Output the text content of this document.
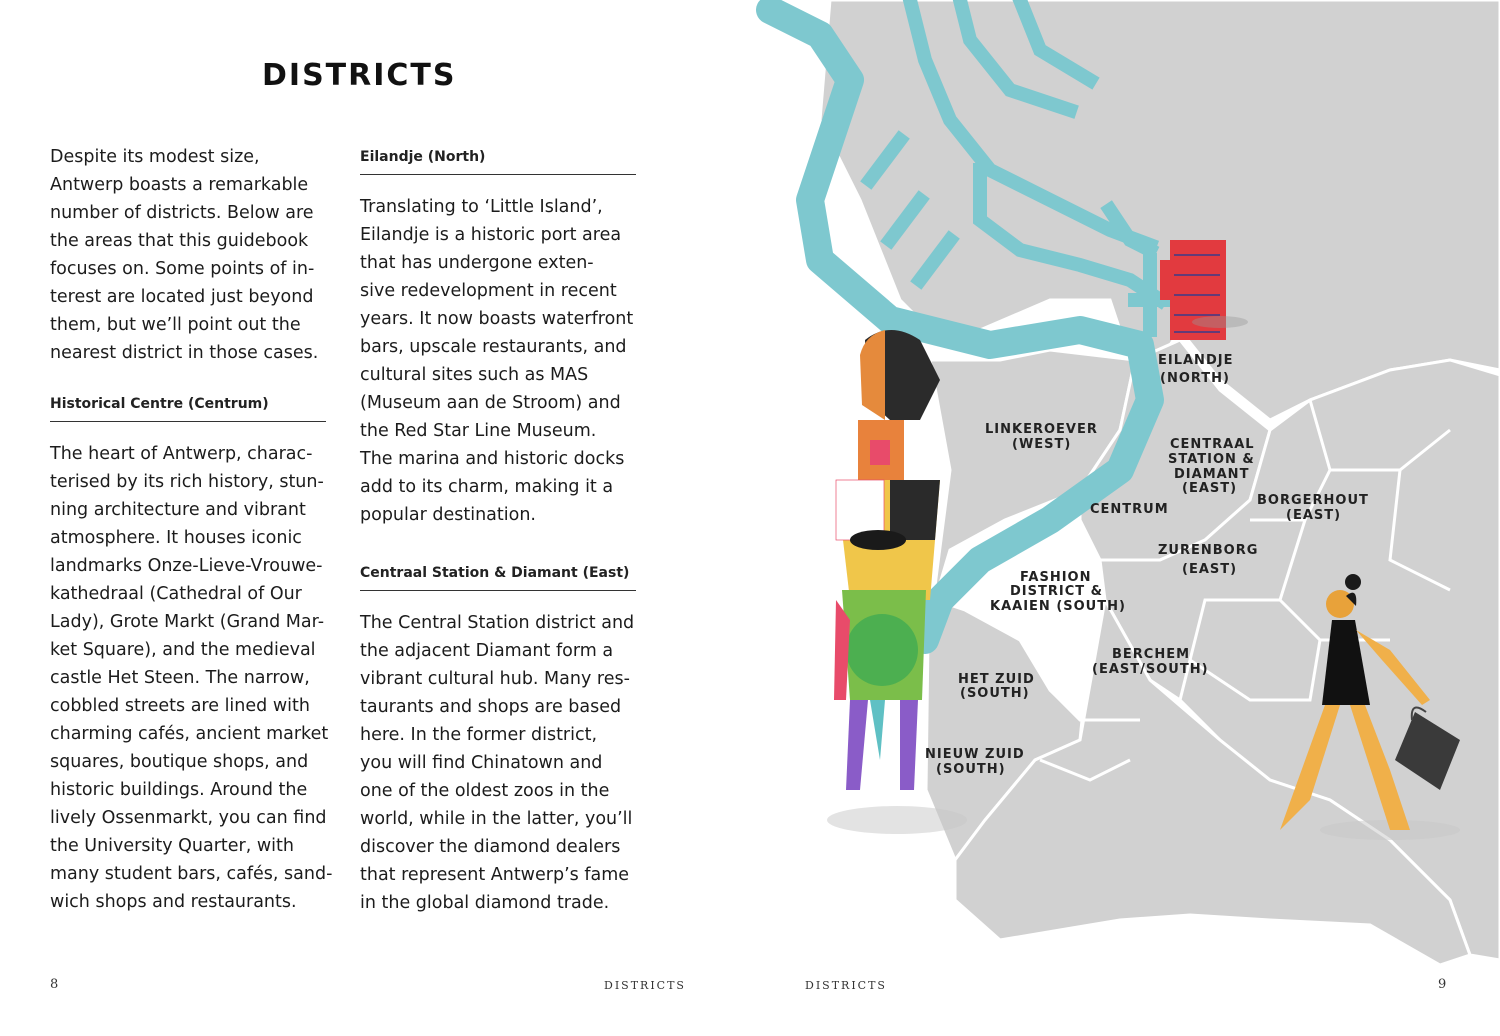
DISTRICTS

Despite its modest size,
Antwerp boasts a remarkable
number of districts. Below are
the areas that this guidebook
focuses on. Some points of in-
terest are located just beyond
them, but we’ll point out the
nearest district in those cases.

Historical Centre (Centrum)

The heart of Antwerp, charac-
terised by its rich history, stun-
ning architecture and vibrant
atmosphere. It houses iconic
landmarks Onze-Lieve-Vrouwe-
kathedraal (Cathedral of Our
Lady), Grote Markt (Grand Mar-
ket Square), and the medieval
castle Het Steen. The narrow,
cobbled streets are lined with
charming cafés, ancient market
squares, boutique shops, and
historic buildings. Around the
lively Ossenmarkt, you can find
the University Quarter, with
many student bars, cafés, sand-
wich shops and restaurants.

Eilandje (North)

Translating to ‘Little Island’,
Eilandje is a historic port area
that has undergone exten-
sive redevelopment in recent
years. It now boasts waterfront
bars, upscale restaurants, and
cultural sites such as MAS
(Museum aan de Stroom) and
the Red Star Line Museum.
The marina and historic docks
add to its charm, making it a
popular destination.

Centraal Station & Diamant (East)

The Central Station district and
the adjacent Diamant form a
vibrant cultural hub. Many res-
taurants and shops are based
here. In the former district,
you will find Chinatown and
one of the oldest zoos in the
world, while in the latter, you’ll
discover the diamond dealers
that represent Antwerp’s fame
in the global diamond trade.

8	DISTRICTS	DISTRICTS	9
EILANDJE (NORTH)
LINKEROEVER (WEST)	CENTRAAL STATION & DIAMANT (EAST)
BORGERHOUT (EAST)
CENTRUM
ZURENBORG (EAST)
FASHION DISTRICT & KAAIEN (SOUTH)
BERCHEM (EAST/SOUTH)
HET ZUID (SOUTH)
NIEUW ZUID (SOUTH)
